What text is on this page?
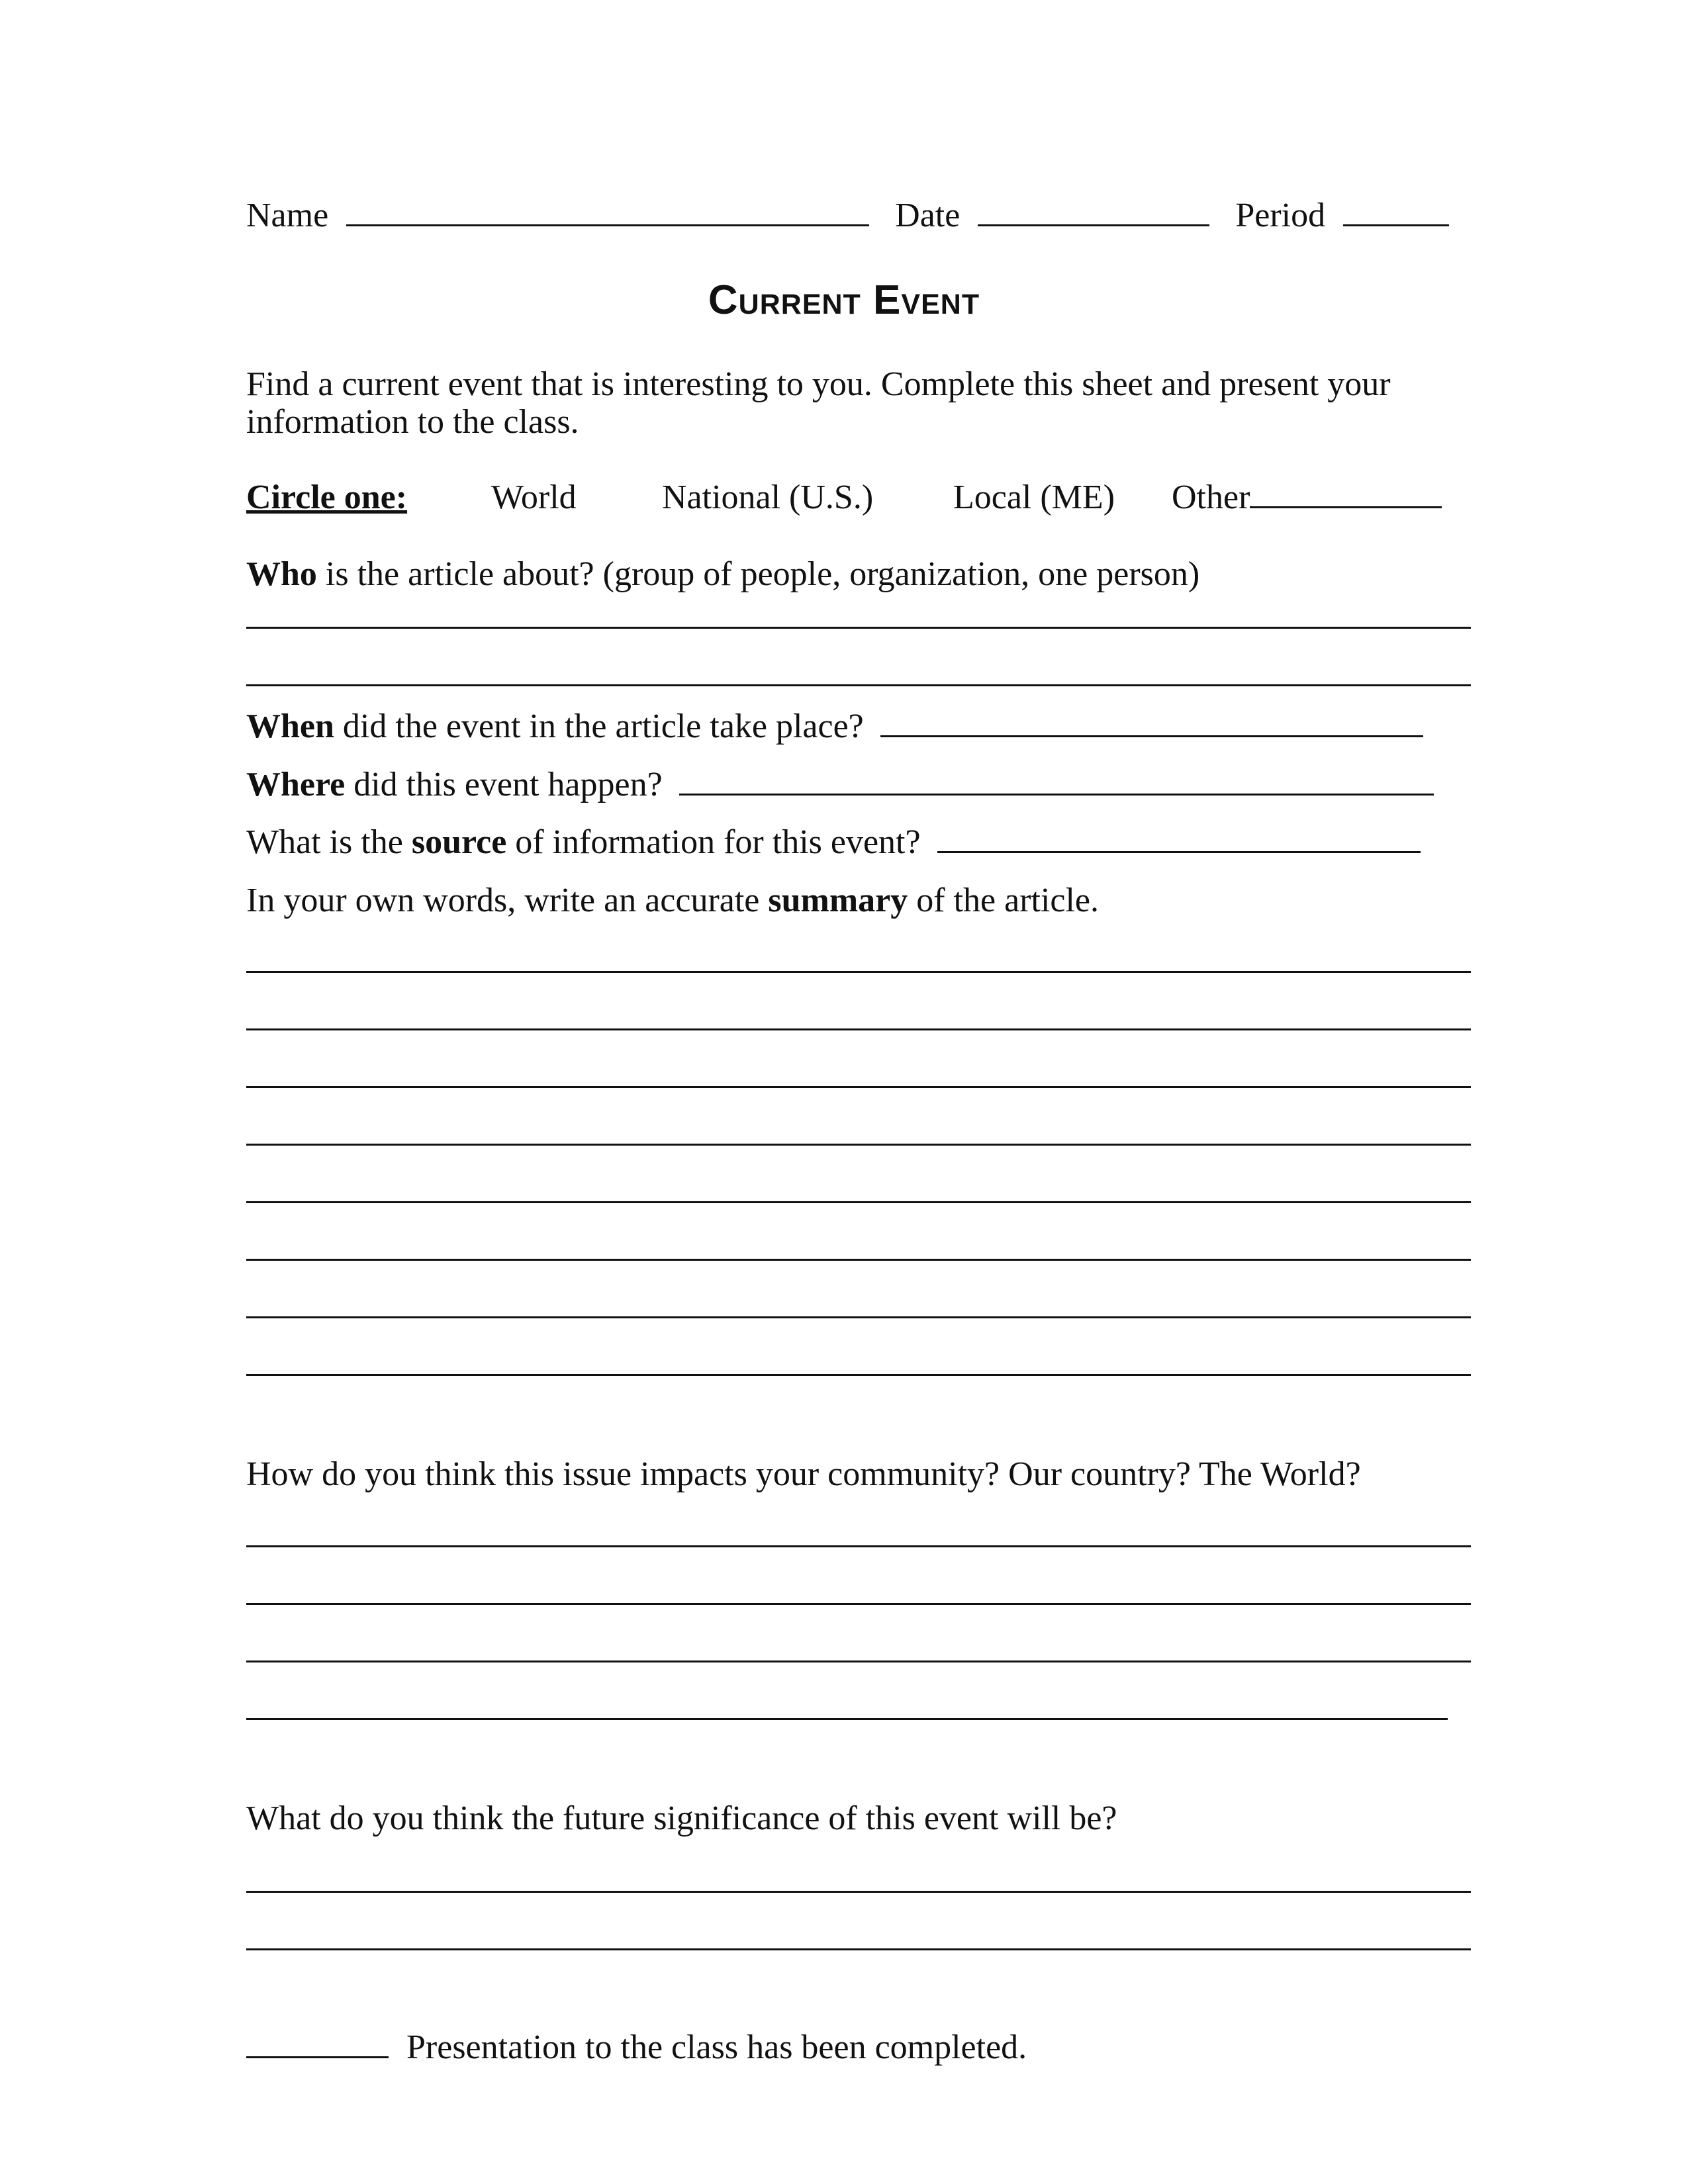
Name	Date	Period
Current Event
Find a current event that is interesting to you. Complete this sheet and present your
information to the class.
Circle one: World National (U.S.) Local (ME) Other
Who is the article about? (group of people, organization, one person)
When did the event in the article take place?
Where did this event happen?
What is the source of information for this event?
In your own words, write an accurate summary of the article.
How do you think this issue impacts your community? Our country? The World?
What do you think the future significance of this event will be?
Presentation to the class has been completed.
